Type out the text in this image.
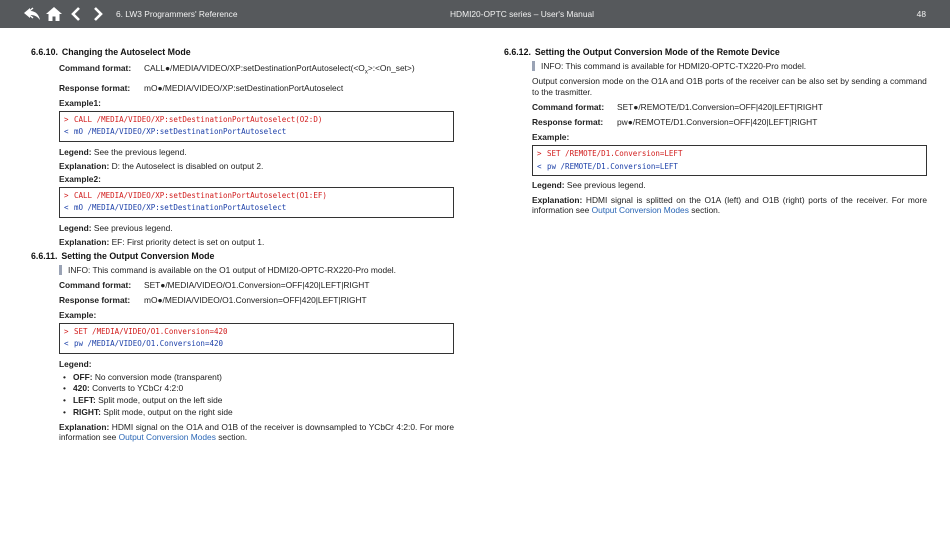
6. LW3 Programmers' Reference	HDMI20-OPTC series – User's Manual	48
6.6.10. Changing the Autoselect Mode
Command format:	$CALL●/MEDIA/VIDEO/XP:setDestinationPortAutoselect(<O_x>:<On\_set>)$
Response format:	mO●/MEDIA/VIDEO/XP:setDestinationPortAutoselect
Example1:
> CALL /MEDIA/VIDEO/XP:setDestinationPortAutoselect(O2:D)
< mO /MEDIA/VIDEO/XP:setDestinationPortAutoselect
Legend: See the previous legend.
Explanation: D: the Autoselect is disabled on output 2.
Example2:
> CALL /MEDIA/VIDEO/XP:setDestinationPortAutoselect(O1:EF)
< mO /MEDIA/VIDEO/XP:setDestinationPortAutoselect
Legend: See previous legend.
Explanation: EF: First priority detect is set on output 1.
6.6.11. Setting the Output Conversion Mode
INFO: This command is available on the O1 output of HDMI20-OPTC-RX220-Pro model.
Command format:	SET●/MEDIA/VIDEO/O1.Conversion=OFF|420|LEFT|RIGHT
Response format:	mO●/MEDIA/VIDEO/O1.Conversion=OFF|420|LEFT|RIGHT
Example:
> SET /MEDIA/VIDEO/O1.Conversion=420
< pw /MEDIA/VIDEO/O1.Conversion=420
Legend:
• OFF: No conversion mode (transparent)
• 420: Converts to YCbCr 4:2:0
• LEFT: Split mode, output on the left side
• RIGHT: Split mode, output on the right side
Explanation: HDMI signal on the O1A and O1B of the receiver is downsampled to YCbCr 4:2:0. For more information see Output Conversion Modes section.
6.6.12. Setting the Output Conversion Mode of the Remote Device
INFO: This command is available for HDMI20-OPTC-TX220-Pro model.
Output conversion mode on the O1A and O1B ports of the receiver can be also set by sending a command to the trasmitter.
Command format:	SET●/REMOTE/D1.Conversion=OFF|420|LEFT|RIGHT
Response format:	pw●/REMOTE/D1.Conversion=OFF|420|LEFT|RIGHT
Example:
> SET /REMOTE/D1.Conversion=LEFT
< pw /REMOTE/D1.Conversion=LEFT
Legend: See previous legend.
Explanation: HDMI signal is splitted on the O1A (left) and O1B (right) ports of the receiver. For more information see Output Conversion Modes section.
